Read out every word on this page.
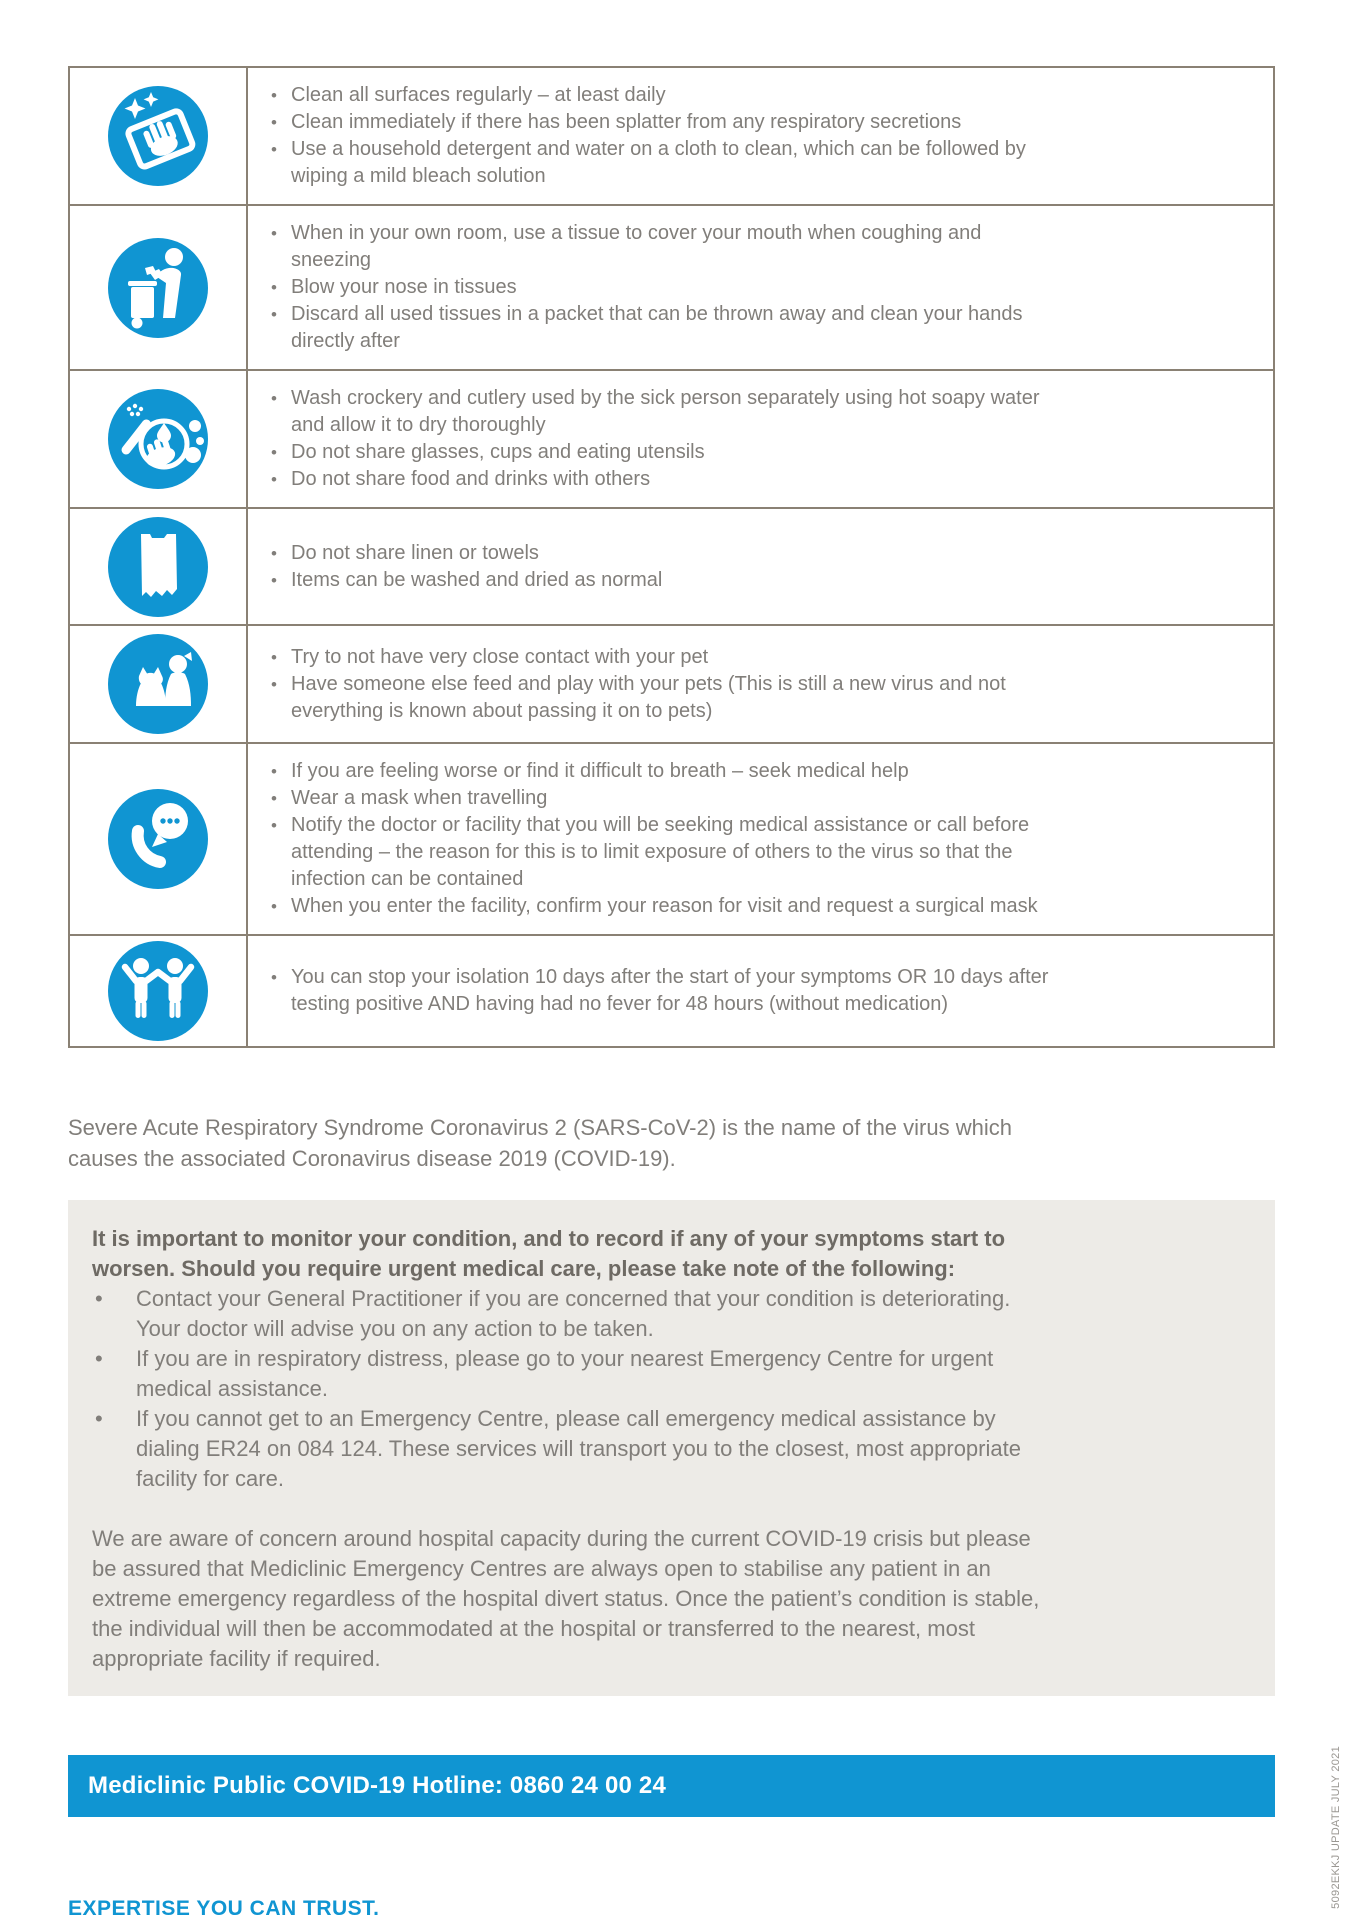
• Clean all surfaces regularly – at least daily
• Clean immediately if there has been splatter from any respiratory secretions
• Use a household detergent and water on a cloth to clean, which can be followed by wiping a mild bleach solution
• When in your own room, use a tissue to cover your mouth when coughing and sneezing
• Blow your nose in tissues
• Discard all used tissues in a packet that can be thrown away and clean your hands directly after
• Wash crockery and cutlery used by the sick person separately using hot soapy water and allow it to dry thoroughly
• Do not share glasses, cups and eating utensils
• Do not share food and drinks with others
• Do not share linen or towels
• Items can be washed and dried as normal
• Try to not have very close contact with your pet
• Have someone else feed and play with your pets (This is still a new virus and not everything is known about passing it on to pets)
• If you are feeling worse or find it difficult to breath – seek medical help
• Wear a mask when travelling
• Notify the doctor or facility that you will be seeking medical assistance or call before attending – the reason for this is to limit exposure of others to the virus so that the infection can be contained
• When you enter the facility, confirm your reason for visit and request a surgical mask
• You can stop your isolation 10 days after the start of your symptoms OR 10 days after testing positive AND having had no fever for 48 hours (without medication)

Severe Acute Respiratory Syndrome Coronavirus 2 (SARS-CoV-2) is the name of the virus which causes the associated Coronavirus disease 2019 (COVID-19).

It is important to monitor your condition, and to record if any of your symptoms start to worsen. Should you require urgent medical care, please take note of the following:

• Contact your General Practitioner if you are concerned that your condition is deteriorating. Your doctor will advise you on any action to be taken.
• If you are in respiratory distress, please go to your nearest Emergency Centre for urgent medical assistance.
• If you cannot get to an Emergency Centre, please call emergency medical assistance by dialing ER24 on 084 124. These services will transport you to the closest, most appropriate facility for care.

We are aware of concern around hospital capacity during the current COVID-19 crisis but please be assured that Mediclinic Emergency Centres are always open to stabilise any patient in an extreme emergency regardless of the hospital divert status. Once the patient’s condition is stable, the individual will then be accommodated at the hospital or transferred to the nearest, most appropriate facility if required.

Mediclinic Public COVID-19 Hotline: 0860 24 00 24
EXPERTISE YOU CAN TRUST.	5092EKKJ UPDATE JULY 2021
